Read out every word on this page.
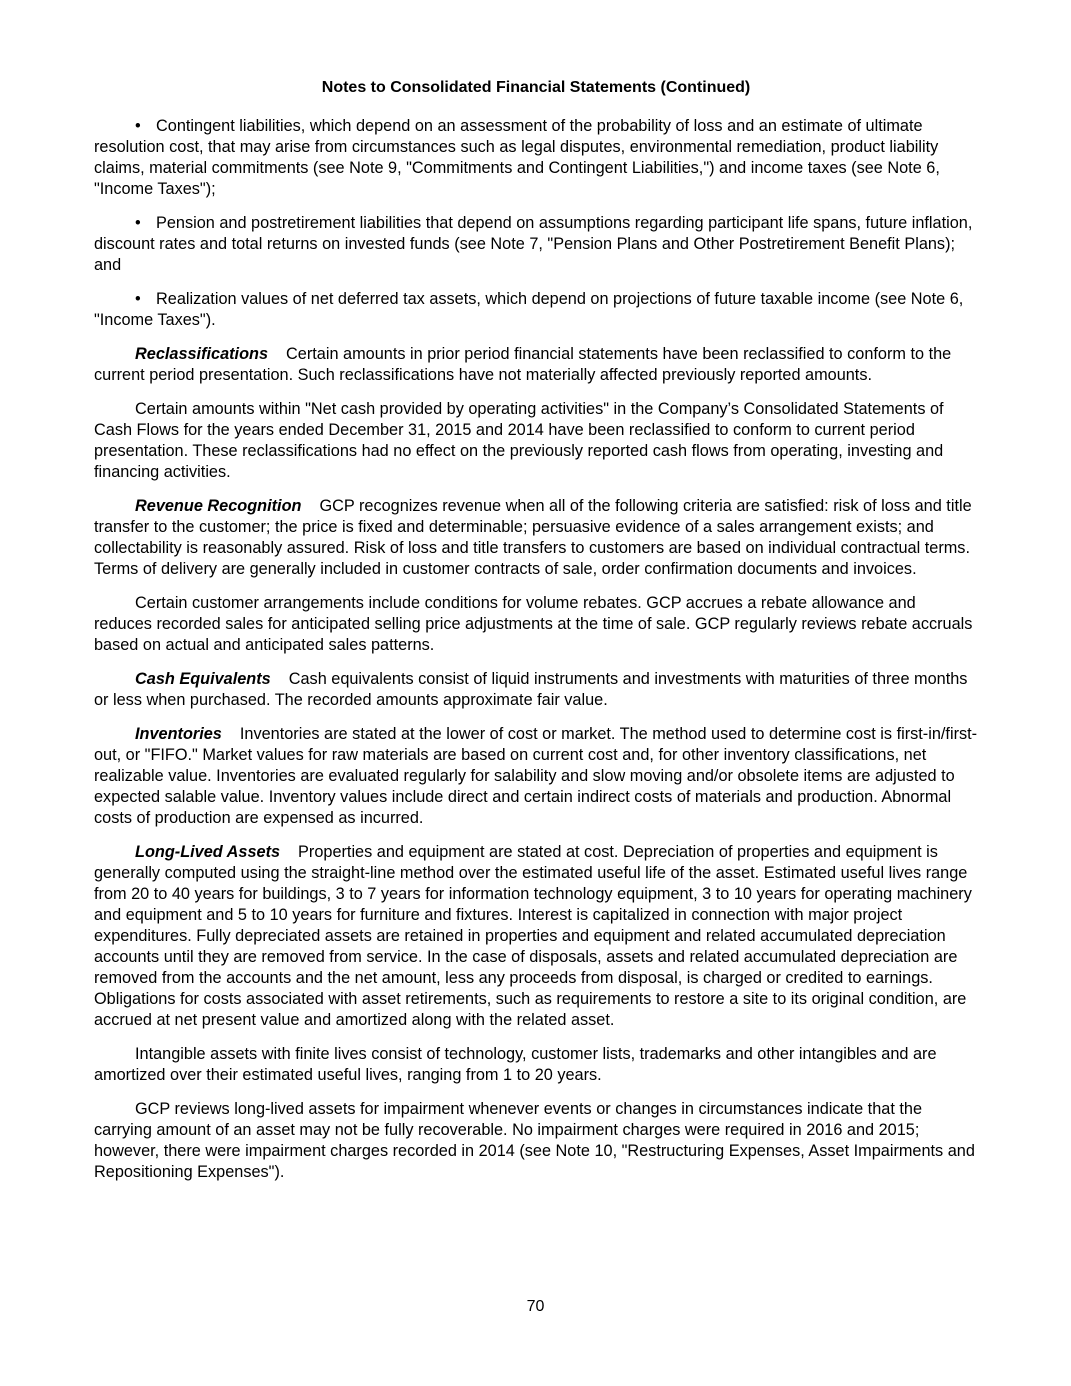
Notes to Consolidated Financial Statements (Continued)

• Contingent liabilities, which depend on an assessment of the probability of loss and an estimate of ultimate resolution cost, that may arise from circumstances such as legal disputes, environmental remediation, product liability claims, material commitments (see Note 9, "Commitments and Contingent Liabilities,") and income taxes (see Note 6, "Income Taxes");

• Pension and postretirement liabilities that depend on assumptions regarding participant life spans, future inflation, discount rates and total returns on invested funds (see Note 7, "Pension Plans and Other Postretirement Benefit Plans); and

• Realization values of net deferred tax assets, which depend on projections of future taxable income (see Note 6, "Income Taxes").

Reclassifications Certain amounts in prior period financial statements have been reclassified to conform to the current period presentation. Such reclassifications have not materially affected previously reported amounts.

Certain amounts within "Net cash provided by operating activities" in the Company’s Consolidated Statements of Cash Flows for the years ended December 31, 2015 and 2014 have been reclassified to conform to current period presentation. These reclassifications had no effect on the previously reported cash flows from operating, investing and financing activities.

Revenue Recognition GCP recognizes revenue when all of the following criteria are satisfied: risk of loss and title transfer to the customer; the price is fixed and determinable; persuasive evidence of a sales arrangement exists; and collectability is reasonably assured. Risk of loss and title transfers to customers are based on individual contractual terms. Terms of delivery are generally included in customer contracts of sale, order confirmation documents and invoices.

Certain customer arrangements include conditions for volume rebates. GCP accrues a rebate allowance and reduces recorded sales for anticipated selling price adjustments at the time of sale. GCP regularly reviews rebate accruals based on actual and anticipated sales patterns.

Cash Equivalents Cash equivalents consist of liquid instruments and investments with maturities of three months or less when purchased. The recorded amounts approximate fair value.

Inventories Inventories are stated at the lower of cost or market. The method used to determine cost is first-in/first-out, or "FIFO." Market values for raw materials are based on current cost and, for other inventory classifications, net realizable value. Inventories are evaluated regularly for salability and slow moving and/or obsolete items are adjusted to expected salable value. Inventory values include direct and certain indirect costs of materials and production. Abnormal costs of production are expensed as incurred.

Long-Lived Assets Properties and equipment are stated at cost. Depreciation of properties and equipment is generally computed using the straight-line method over the estimated useful life of the asset. Estimated useful lives range from 20 to 40 years for buildings, 3 to 7 years for information technology equipment, 3 to 10 years for operating machinery and equipment and 5 to 10 years for furniture and fixtures. Interest is capitalized in connection with major project expenditures. Fully depreciated assets are retained in properties and equipment and related accumulated depreciation accounts until they are removed from service. In the case of disposals, assets and related accumulated depreciation are removed from the accounts and the net amount, less any proceeds from disposal, is charged or credited to earnings. Obligations for costs associated with asset retirements, such as requirements to restore a site to its original condition, are accrued at net present value and amortized along with the related asset.

Intangible assets with finite lives consist of technology, customer lists, trademarks and other intangibles and are amortized over their estimated useful lives, ranging from 1 to 20 years.

GCP reviews long-lived assets for impairment whenever events or changes in circumstances indicate that the carrying amount of an asset may not be fully recoverable. No impairment charges were required in 2016 and 2015; however, there were impairment charges recorded in 2014 (see Note 10, "Restructuring Expenses, Asset Impairments and Repositioning Expenses").

70
